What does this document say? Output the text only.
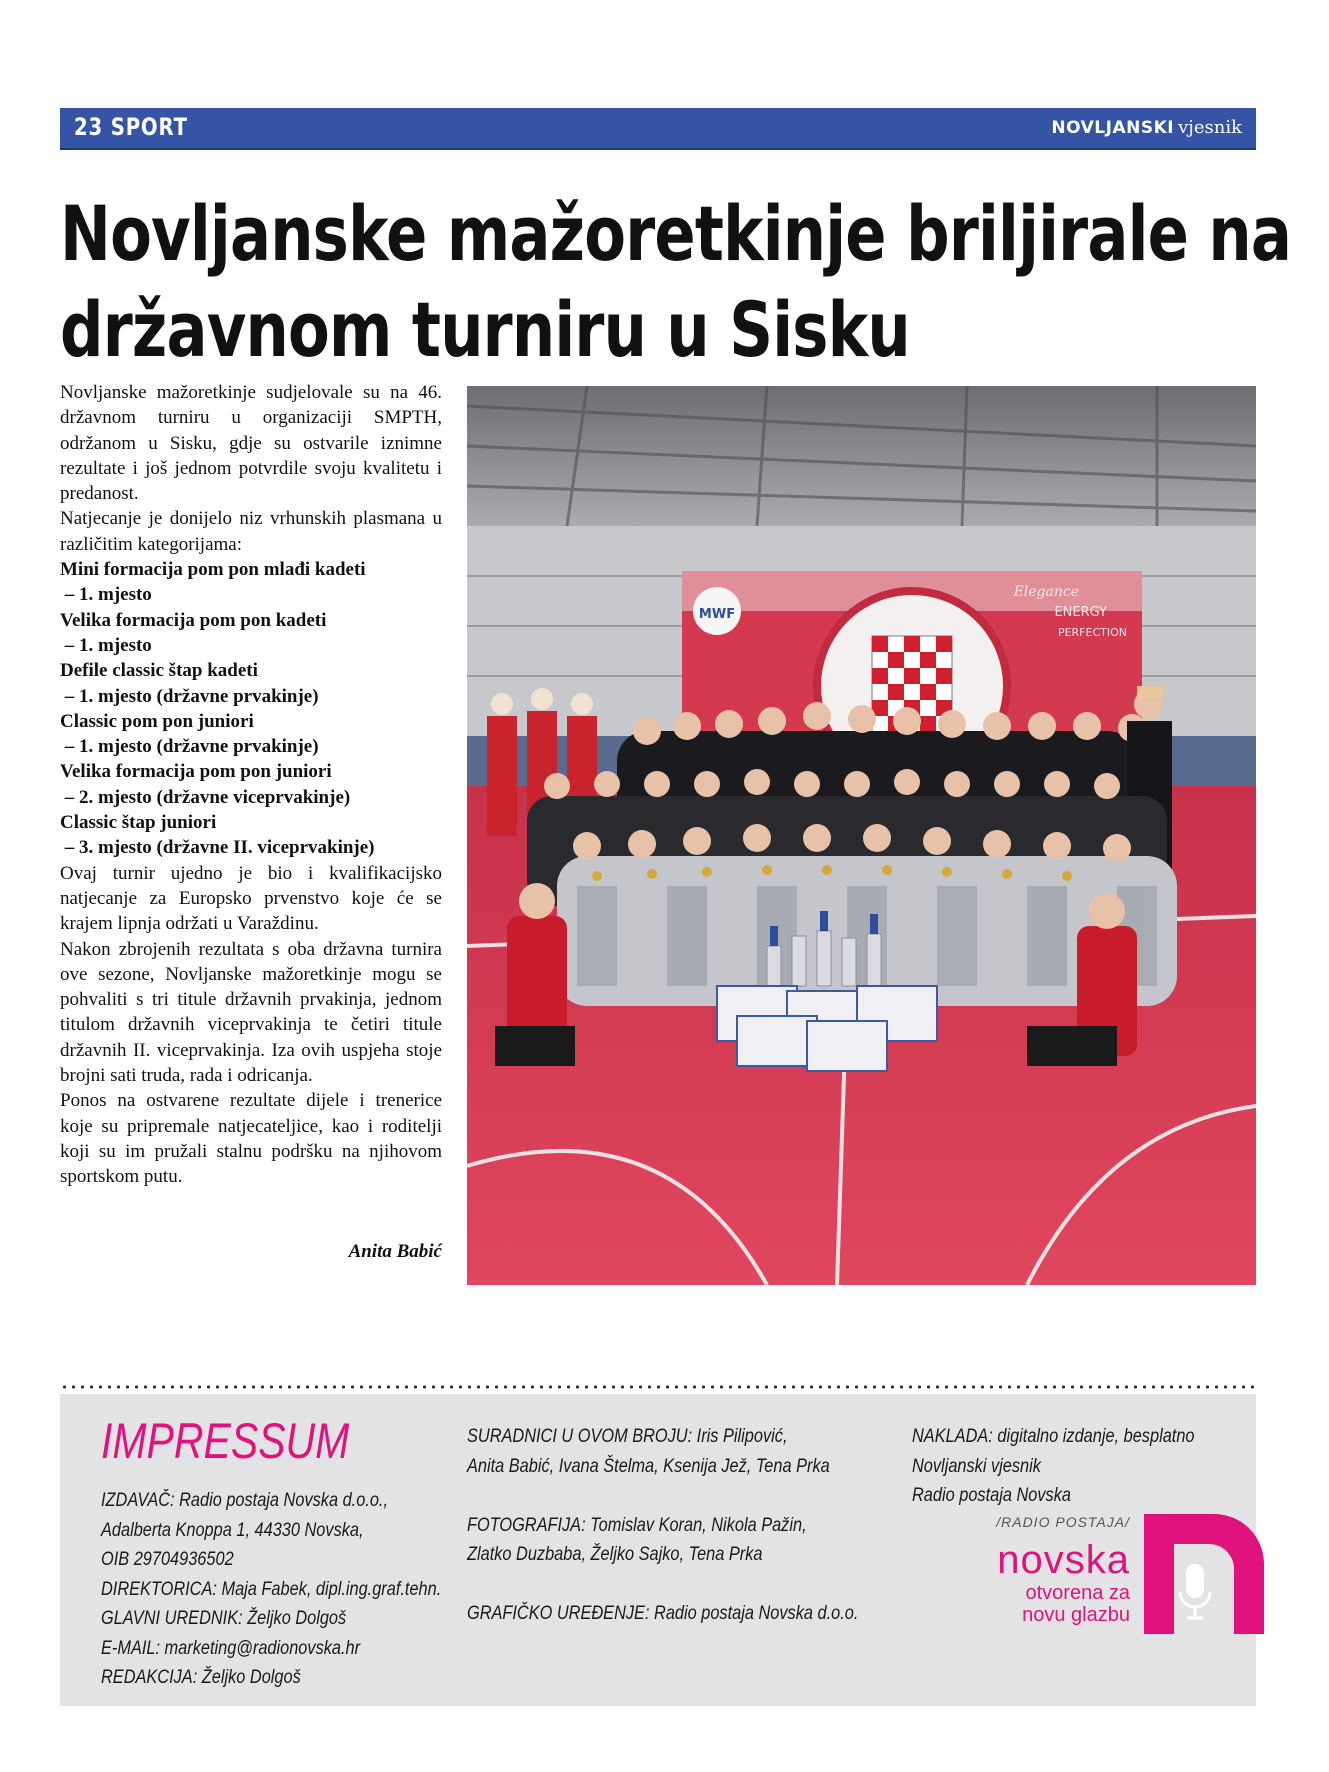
23 SPORT	NOVLJANSKI vjesnik
Novljanske mažoretkinje briljirale na
državnom turniru u Sisku

Novljanske mažoretkinje sudjelovale su na 46. državnom turniru u organizaciji SMPTH, održanom u Sisku, gdje su ostvarile iznimne rezultate i još jednom potvrdile svoju kvalitetu i predanost.

Natjecanje je donijelo niz vrhunskih plasmana u različitim kategorijama:

Mini formacija pom pon mlađi kadeti

– 1. mjesto

Velika formacija pom pon kadeti

– 1. mjesto

Defile classic štap kadeti

– 1. mjesto (državne prvakinje)

Classic pom pon juniori

– 1. mjesto (državne prvakinje)

Velika formacija pom pon juniori

– 2. mjesto (državne viceprvakinje)

Classic štap juniori

– 3. mjesto (državne II. viceprvakinje)

Ovaj turnir ujedno je bio i kvalifikacijsko natjecanje za Europsko prvenstvo koje će se krajem lipnja održati u Varaždinu.

Nakon zbrojenih rezultata s oba državna turnira ove sezone, Novljanske mažoretkinje mogu se pohvaliti s tri titule državnih prvakinja, jednom titulom državnih viceprvakinja te četiri titule državnih II. viceprvakinja. Iza ovih uspjeha stoje brojni sati truda, rada i odricanja.

Ponos na ostvarene rezultate dijele i trenerice koje su pripremale natjecateljice, kao i roditelji koji su im pružali stalnu podršku na njihovom sportskom putu.

Anita Babić
MWF
Elegance
ENERGY
PERFECTION
IMPRESSUM
IZDAVAČ: Radio postaja Novska d.o.o.,
Adalberta Knoppa 1, 44330 Novska,
OIB 29704936502
DIREKTORICA: Maja Fabek, dipl.ing.graf.tehn.
GLAVNI UREDNIK: Željko Dolgoš
E-MAIL: marketing@radionovska.hr
REDAKCIJA: Željko Dolgoš
SURADNICI U OVOM BROJU: Iris Pilipović,
Anita Babić, Ivana Štelma, Ksenija Jež, Tena Prka
FOTOGRAFIJA: Tomislav Koran, Nikola Pažin,
Zlatko Duzbaba, Željko Sajko, Tena Prka
GRAFIČKO UREĐENJE: Radio postaja Novska d.o.o.
NAKLADA: digitalno izdanje, besplatno
Novljanski vjesnik
Radio postaja Novska
/RADIO POSTAJA/
novska
otvorena za
novu glazbu
